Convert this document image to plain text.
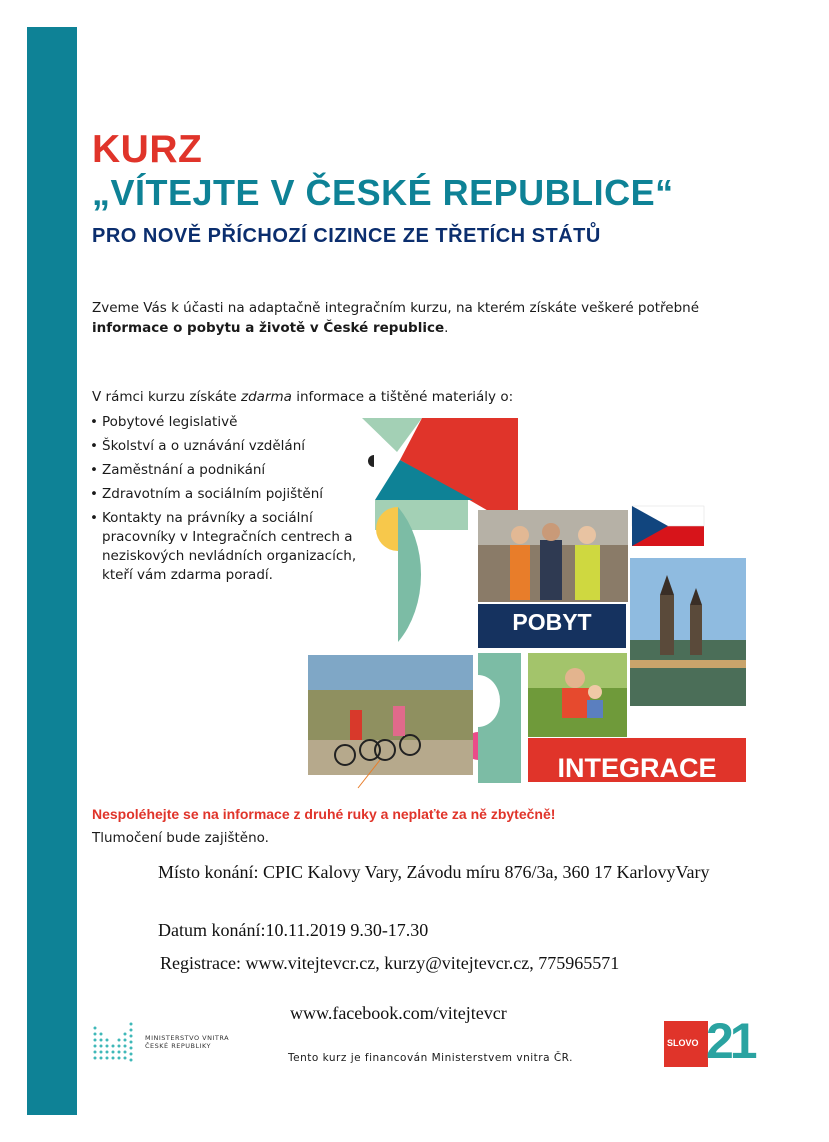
KURZ
„VÍTEJTE V ČESKÉ REPUBLICE“
PRO NOVĚ PŘÍCHOZÍ CIZINCE ZE TŘETÍCH STÁTŮ
Zveme Vás k účasti na adaptačně integračním kurzu, na kterém získáte veškeré potřebné informace o pobytu a životě v České republice.
V rámci kurzu získáte zdarma informace a tištěné materiály o:
• Pobytové legislativě
• Školství a o uznávání vzdělání
• Zaměstnání a podnikání
• Zdravotním a sociálním pojištění
• Kontakty na právníky a sociální pracovníky v Integračních centrech a neziskových nevládních organizacích, kteří vám zdarma poradí.
POBYT
INTEGRACE
Nespoléhejte se na informace z druhé ruky a neplaťte za ně zbytečně!
Tlumočení bude zajištěno.
Místo konání: CPIC Kalovy Vary, Závodu míru 876/3a, 360 17 KarlovyVary
Datum konání:10.11.2019 9.30-17.30
Registrace: www.vitejtevcr.cz, kurzy@vitejtevcr.cz, 775965571
www.facebook.com/vitejtevcr
MINISTERSTVO VNITRA
ČESKÉ REPUBLIKY
Tento kurz je financován Ministerstvem vnitra ČR.
SLOVO 21
